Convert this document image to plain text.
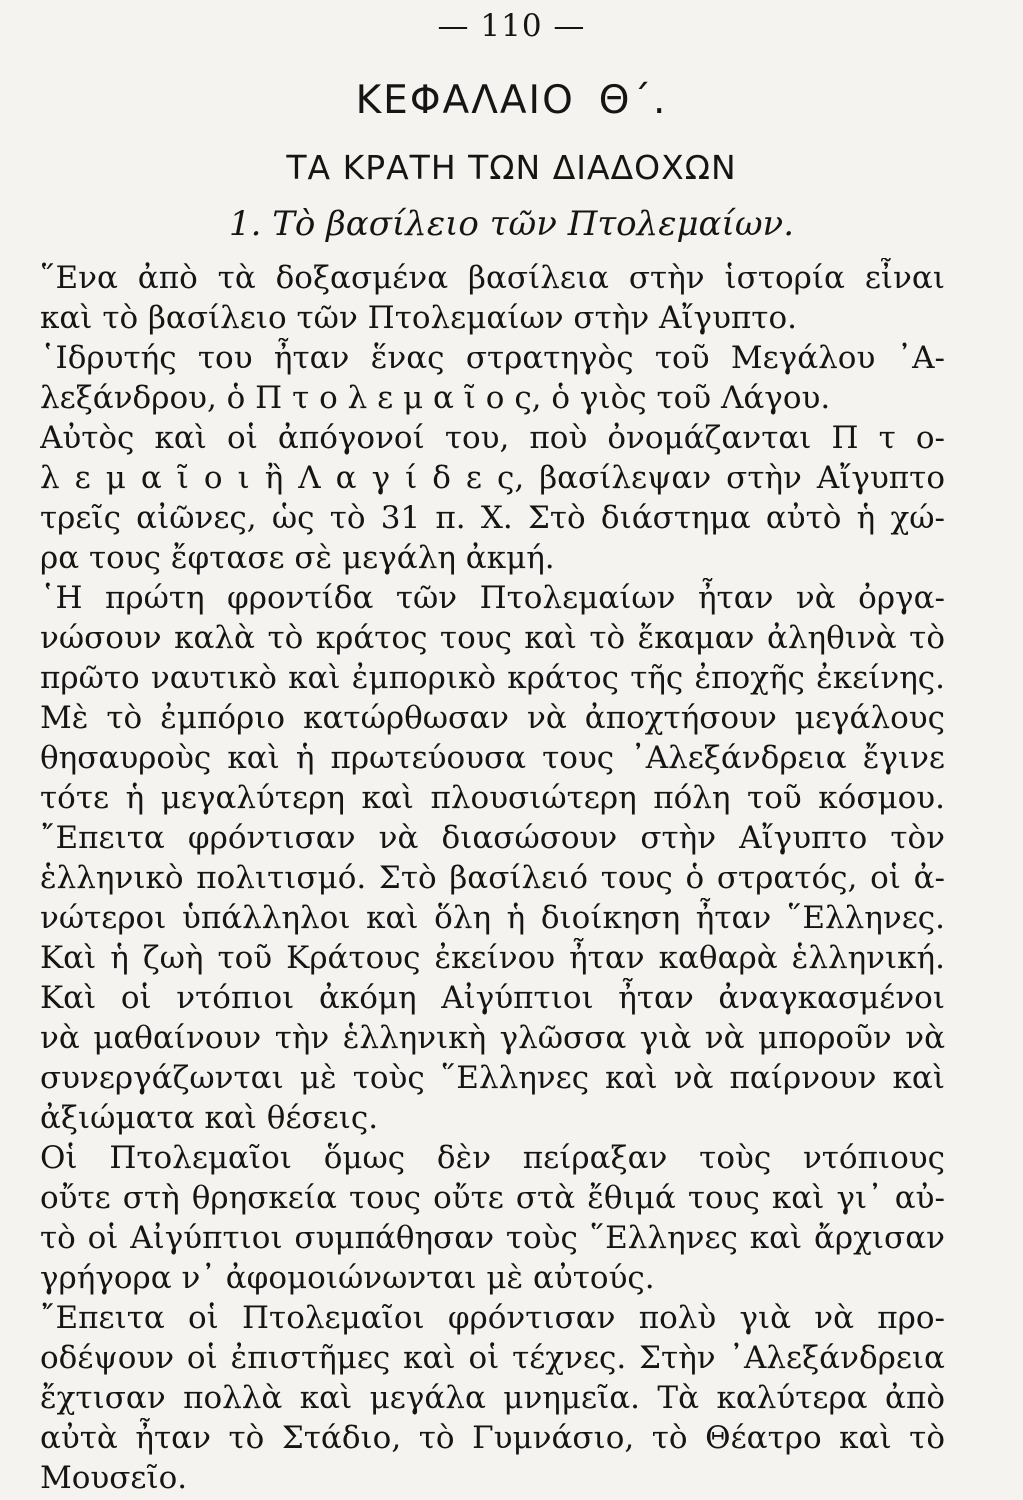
— 110 —
ΚΕΦΑΛΑΙΟ Θ΄.
ΤΑ ΚΡΑΤΗ ΤΩΝ ΔΙΑΔΟΧΩΝ
1. Τὸ βασίλειο τῶν Πτολεμαίων.
῞Ενα ἀπὸ τὰ δοξασμένα βασίλεια στὴν ἱστορία εἶναι
καὶ τὸ βασίλειο τῶν Πτολεμαίων στὴν Αἴγυπτο.
῾Ιδρυτής του ἦταν ἕνας στρατηγὸς τοῦ Μεγάλου ᾿Α-
λεξάνδρου, ὁ Π τ ο λ ε μ α ῖ ο ς, ὁ γιὸς τοῦ Λάγου.
Αὐτὸς καὶ οἱ ἀπόγονοί του, ποὺ ὀνομάζανται Π τ ο-
λ ε μ α ῖ ο ι ἢ Λ α γ ί δ ε ς, βασίλεψαν στὴν Αἴγυπτο
τρεῖς αἰῶνες, ὡς τὸ 31 π. Χ. Στὸ διάστημα αὐτὸ ἡ χώ-
ρα τους ἔφτασε σὲ μεγάλη ἀκμή.
῾Η πρώτη φροντίδα τῶν Πτολεμαίων ἦταν νὰ ὀργα-
νώσουν καλὰ τὸ κράτος τους καὶ τὸ ἔκαμαν ἀληθινὰ τὸ
πρῶτο ναυτικὸ καὶ ἐμπορικὸ κράτος τῆς ἐποχῆς ἐκείνης.
Μὲ τὸ ἐμπόριο κατώρθωσαν νὰ ἀποχτήσουν μεγάλους
θησαυροὺς καὶ ἡ πρωτεύουσα τους ᾿Αλεξάνδρεια ἔγινε
τότε ἡ μεγαλύτερη καὶ πλουσιώτερη πόλη τοῦ κόσμου.
῎Επειτα φρόντισαν νὰ διασώσουν στὴν Αἴγυπτο τὸν
ἑλληνικὸ πολιτισμό. Στὸ βασίλειό τους ὁ στρατός, οἱ ἀ-
νώτεροι ὑπάλληλοι καὶ ὅλη ἡ διοίκηση ἦταν ῞Ελληνες.
Καὶ ἡ ζωὴ τοῦ Κράτους ἐκείνου ἦταν καθαρὰ ἑλληνική.
Καὶ οἱ ντόπιοι ἀκόμη Αἰγύπτιοι ἦταν ἀναγκασμένοι
νὰ μαθαίνουν τὴν ἑλληνικὴ γλῶσσα γιὰ νὰ μποροῦν νὰ
συνεργάζωνται μὲ τοὺς ῞Ελληνες καὶ νὰ παίρνουν καὶ
ἀξιώματα καὶ θέσεις.
Οἱ Πτολεμαῖοι ὅμως δὲν πείραξαν τοὺς ντόπιους
οὔτε στὴ θρησκεία τους οὔτε στὰ ἔθιμά τους καὶ γι᾿ αὐ-
τὸ οἱ Αἰγύπτιοι συμπάθησαν τοὺς ῞Ελληνες καὶ ἄρχισαν
γρήγορα ν᾿ ἀφομοιώνωνται μὲ αὐτούς.
῎Επειτα οἱ Πτολεμαῖοι φρόντισαν πολὺ γιὰ νὰ προ-
οδέψουν οἱ ἐπιστῆμες καὶ οἱ τέχνες. Στὴν ᾿Αλεξάνδρεια
ἔχτισαν πολλὰ καὶ μεγάλα μνημεῖα. Τὰ καλύτερα ἀπὸ
αὐτὰ ἦταν τὸ Στάδιο, τὸ Γυμνάσιο, τὸ Θέατρο καὶ τὸ
Μουσεῖο.
